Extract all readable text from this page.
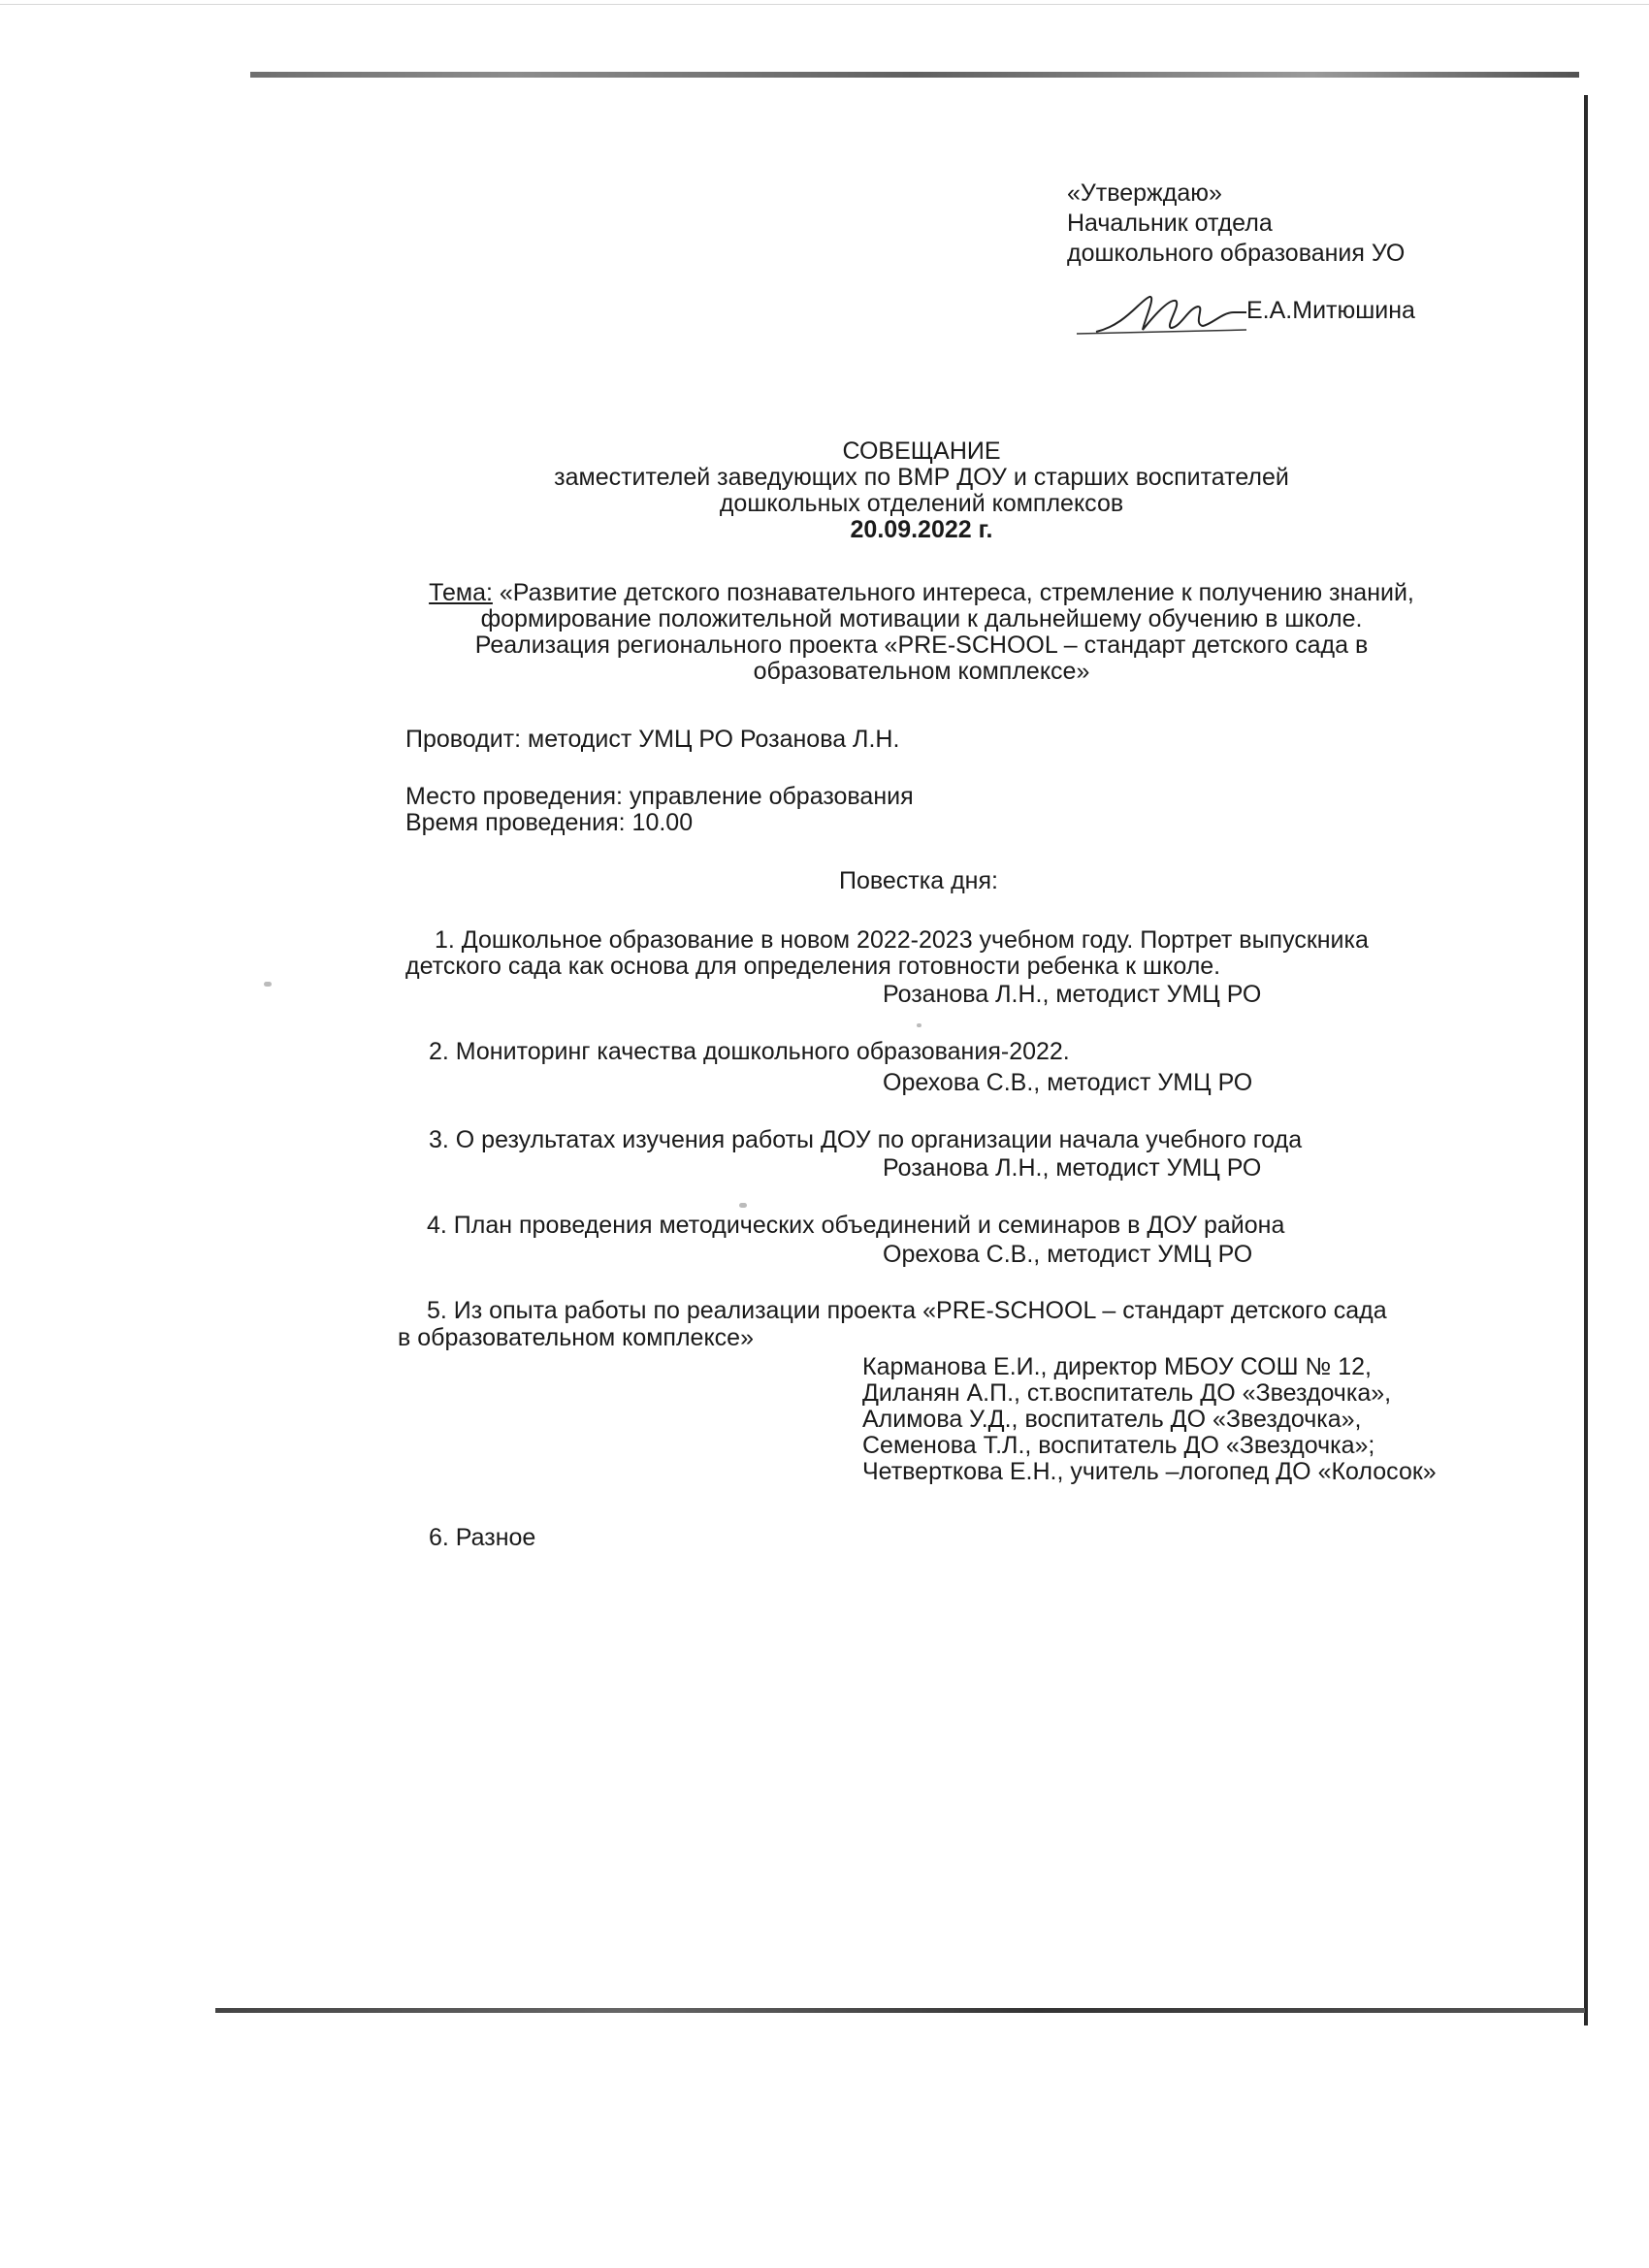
«Утверждаю»
Начальник отдела
дошкольного образования УО
Е.А.Митюшина
СОВЕЩАНИЕ
заместителей заведующих по ВМР ДОУ и старших воспитателей
дошкольных отделений комплексов
20.09.2022 г.
Тема: «Развитие детского познавательного интереса, стремление к получению знаний,
формирование положительной мотивации к дальнейшему обучению в школе.
Реализация регионального проекта «PRE-SCHOOL – стандарт детского сада в
образовательном комплексе»
Проводит: методист УМЦ РО Розанова Л.Н.
Место проведения: управление образования
Время проведения: 10.00
Повестка дня:
1. Дошкольное образование в новом 2022-2023 учебном году. Портрет выпускника
детского сада как основа для определения готовности ребенка к школе.
Розанова Л.Н., методист УМЦ РО
2. Мониторинг качества дошкольного образования-2022.
Орехова С.В., методист УМЦ РО
3. О результатах изучения работы ДОУ по организации начала учебного года
Розанова Л.Н., методист УМЦ РО
4. План проведения методических объединений и семинаров в ДОУ района
Орехова С.В., методист УМЦ РО
5. Из опыта работы по реализации проекта «PRE-SCHOOL – стандарт детского сада
в образовательном комплексе»
Карманова Е.И., директор МБОУ СОШ № 12,
Диланян А.П., ст.воспитатель ДО «Звездочка»,
Алимова У.Д., воспитатель ДО «Звездочка»,
Семенова Т.Л., воспитатель ДО «Звездочка»;
Четверткова Е.Н., учитель –логопед ДО «Колосок»
6. Разное
